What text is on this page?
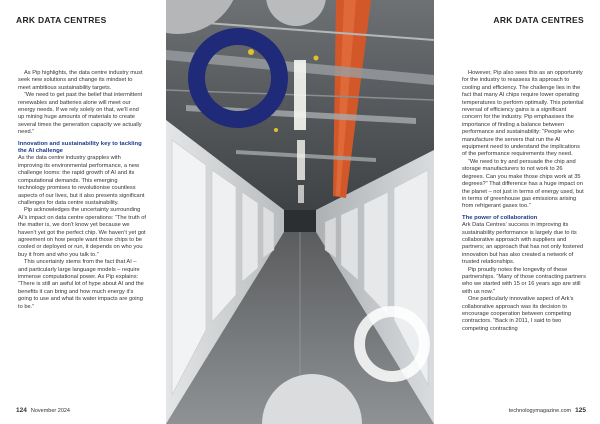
ARK DATA CENTRES

As Pip highlights, the data centre industry must seek new solutions and change its mindset to meet ambitious sustainability targets.

“We need to get past the belief that intermittent renewables and batteries alone will meet our energy needs. If we rely solely on that, we’ll end up mining huge amounts of materials to create several times the generation capacity we actually need.”

Innovation and sustainability key to tackling the AI challenge

As the data centre industry grapples with improving its environmental performance, a new challenge looms: the rapid growth of AI and its computational demands. This emerging technology promises to revolutionise countless aspects of our lives, but it also presents significant challenges for data centre sustainability.

Pip acknowledges the uncertainty surrounding AI’s impact on data centre operations: “The truth of the matter is, we don’t know yet because we haven’t yet got the perfect chip. We haven’t yet got agreement on how people want those chips to be cooled or deployed or run, it depends on who you buy it from and who you talk to.”

This uncertainty stems from the fact that AI – and particularly large language models – require immense computational power. As Pip explains: “There is still an awful lot of hype about AI and the benefits it can bring and how much energy it’s going to use and what its water impacts are going to be.”

124 November 2024
ARK DATA CENTRES

However, Pip also sees this as an opportunity for the industry to reassess its approach to cooling and efficiency. The challenge lies in the fact that many AI chips require lower operating temperatures to perform optimally. This potential reversal of efficiency gains is a significant concern for the industry. Pip emphasises the importance of finding a balance between performance and sustainability: “People who manufacture the servers that run the AI equipment need to understand the implications of the performance requirements they need.

“We need to try and persuade the chip and storage manufacturers to not work to 26 degrees. Can you make those chips work at 35 degrees?” That difference has a huge impact on the planet – not just in terms of energy used, but in terms of greenhouse gas emissions arising from refrigerant gases too.”

The power of collaboration

Ark Data Centres’ success in improving its sustainability performance is largely due to its collaborative approach with suppliers and partners; an approach that has not only fostered innovation but has also created a network of trusted relationships.

Pip proudly notes the longevity of these partnerships. “Many of those contracting partners who we started with 15 or 16 years ago are still with us now.”

One particularly innovative aspect of Ark’s collaborative approach was its decision to encourage cooperation between competing contractors. “Back in 2011, I said to two competing contracting

technologymagazine.com 125
